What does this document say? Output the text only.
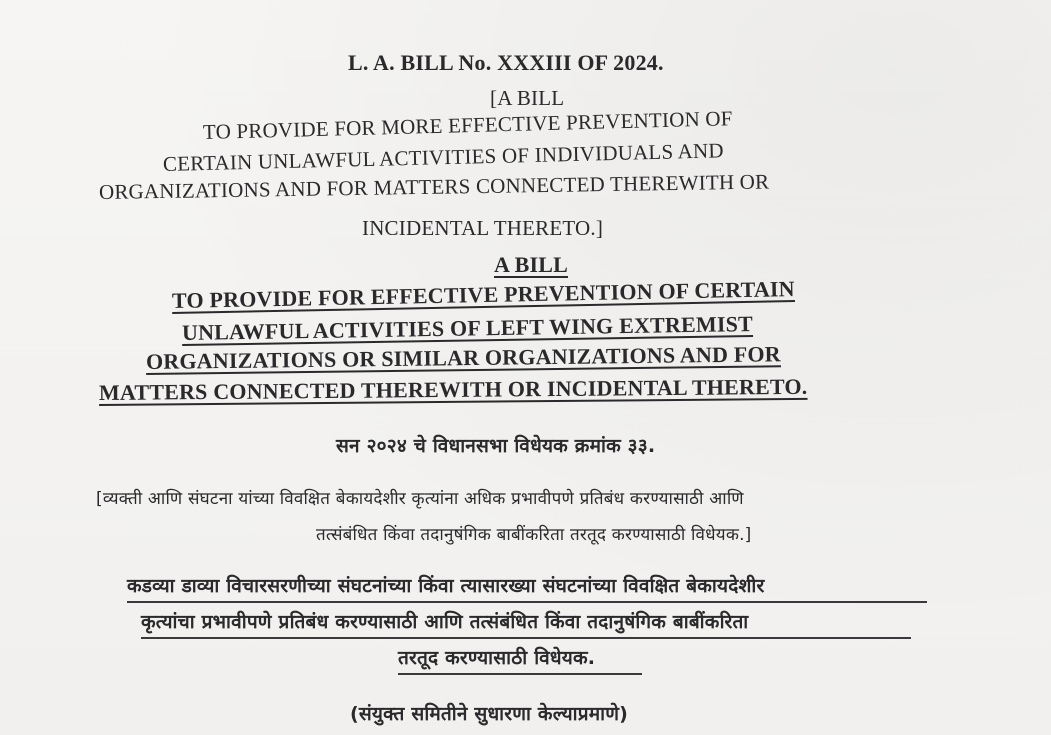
L. A. BILL No. XXXIII OF 2024.
[A BILL
TO PROVIDE FOR MORE EFFECTIVE PREVENTION OF
CERTAIN UNLAWFUL ACTIVITIES OF INDIVIDUALS AND
ORGANIZATIONS AND FOR MATTERS CONNECTED THEREWITH OR
INCIDENTAL THERETO.]
A BILL
TO PROVIDE FOR EFFECTIVE PREVENTION OF CERTAIN
UNLAWFUL ACTIVITIES OF LEFT WING EXTREMIST
ORGANIZATIONS OR SIMILAR ORGANIZATIONS AND FOR
MATTERS CONNECTED THEREWITH OR INCIDENTAL THERETO.
सन २०२४ चे विधानसभा विधेयक क्रमांक ३३.
[व्यक्ती आणि संघटना यांच्या विवक्षित बेकायदेशीर कृत्यांना अधिक प्रभावीपणे प्रतिबंध करण्यासाठी आणि
तत्संबंधित किंवा तदानुषंगिक बाबींकरिता तरतूद करण्यासाठी विधेयक.]
कडव्या डाव्या विचारसरणीच्या संघटनांच्या किंवा त्यासारख्या संघटनांच्या विवक्षित बेकायदेशीर
कृत्यांचा प्रभावीपणे प्रतिबंध करण्यासाठी आणि तत्संबंधित किंवा तदानुषंगिक बाबींकरिता
तरतूद करण्यासाठी विधेयक.
(संयुक्त समितीने सुधारणा केल्याप्रमाणे)
